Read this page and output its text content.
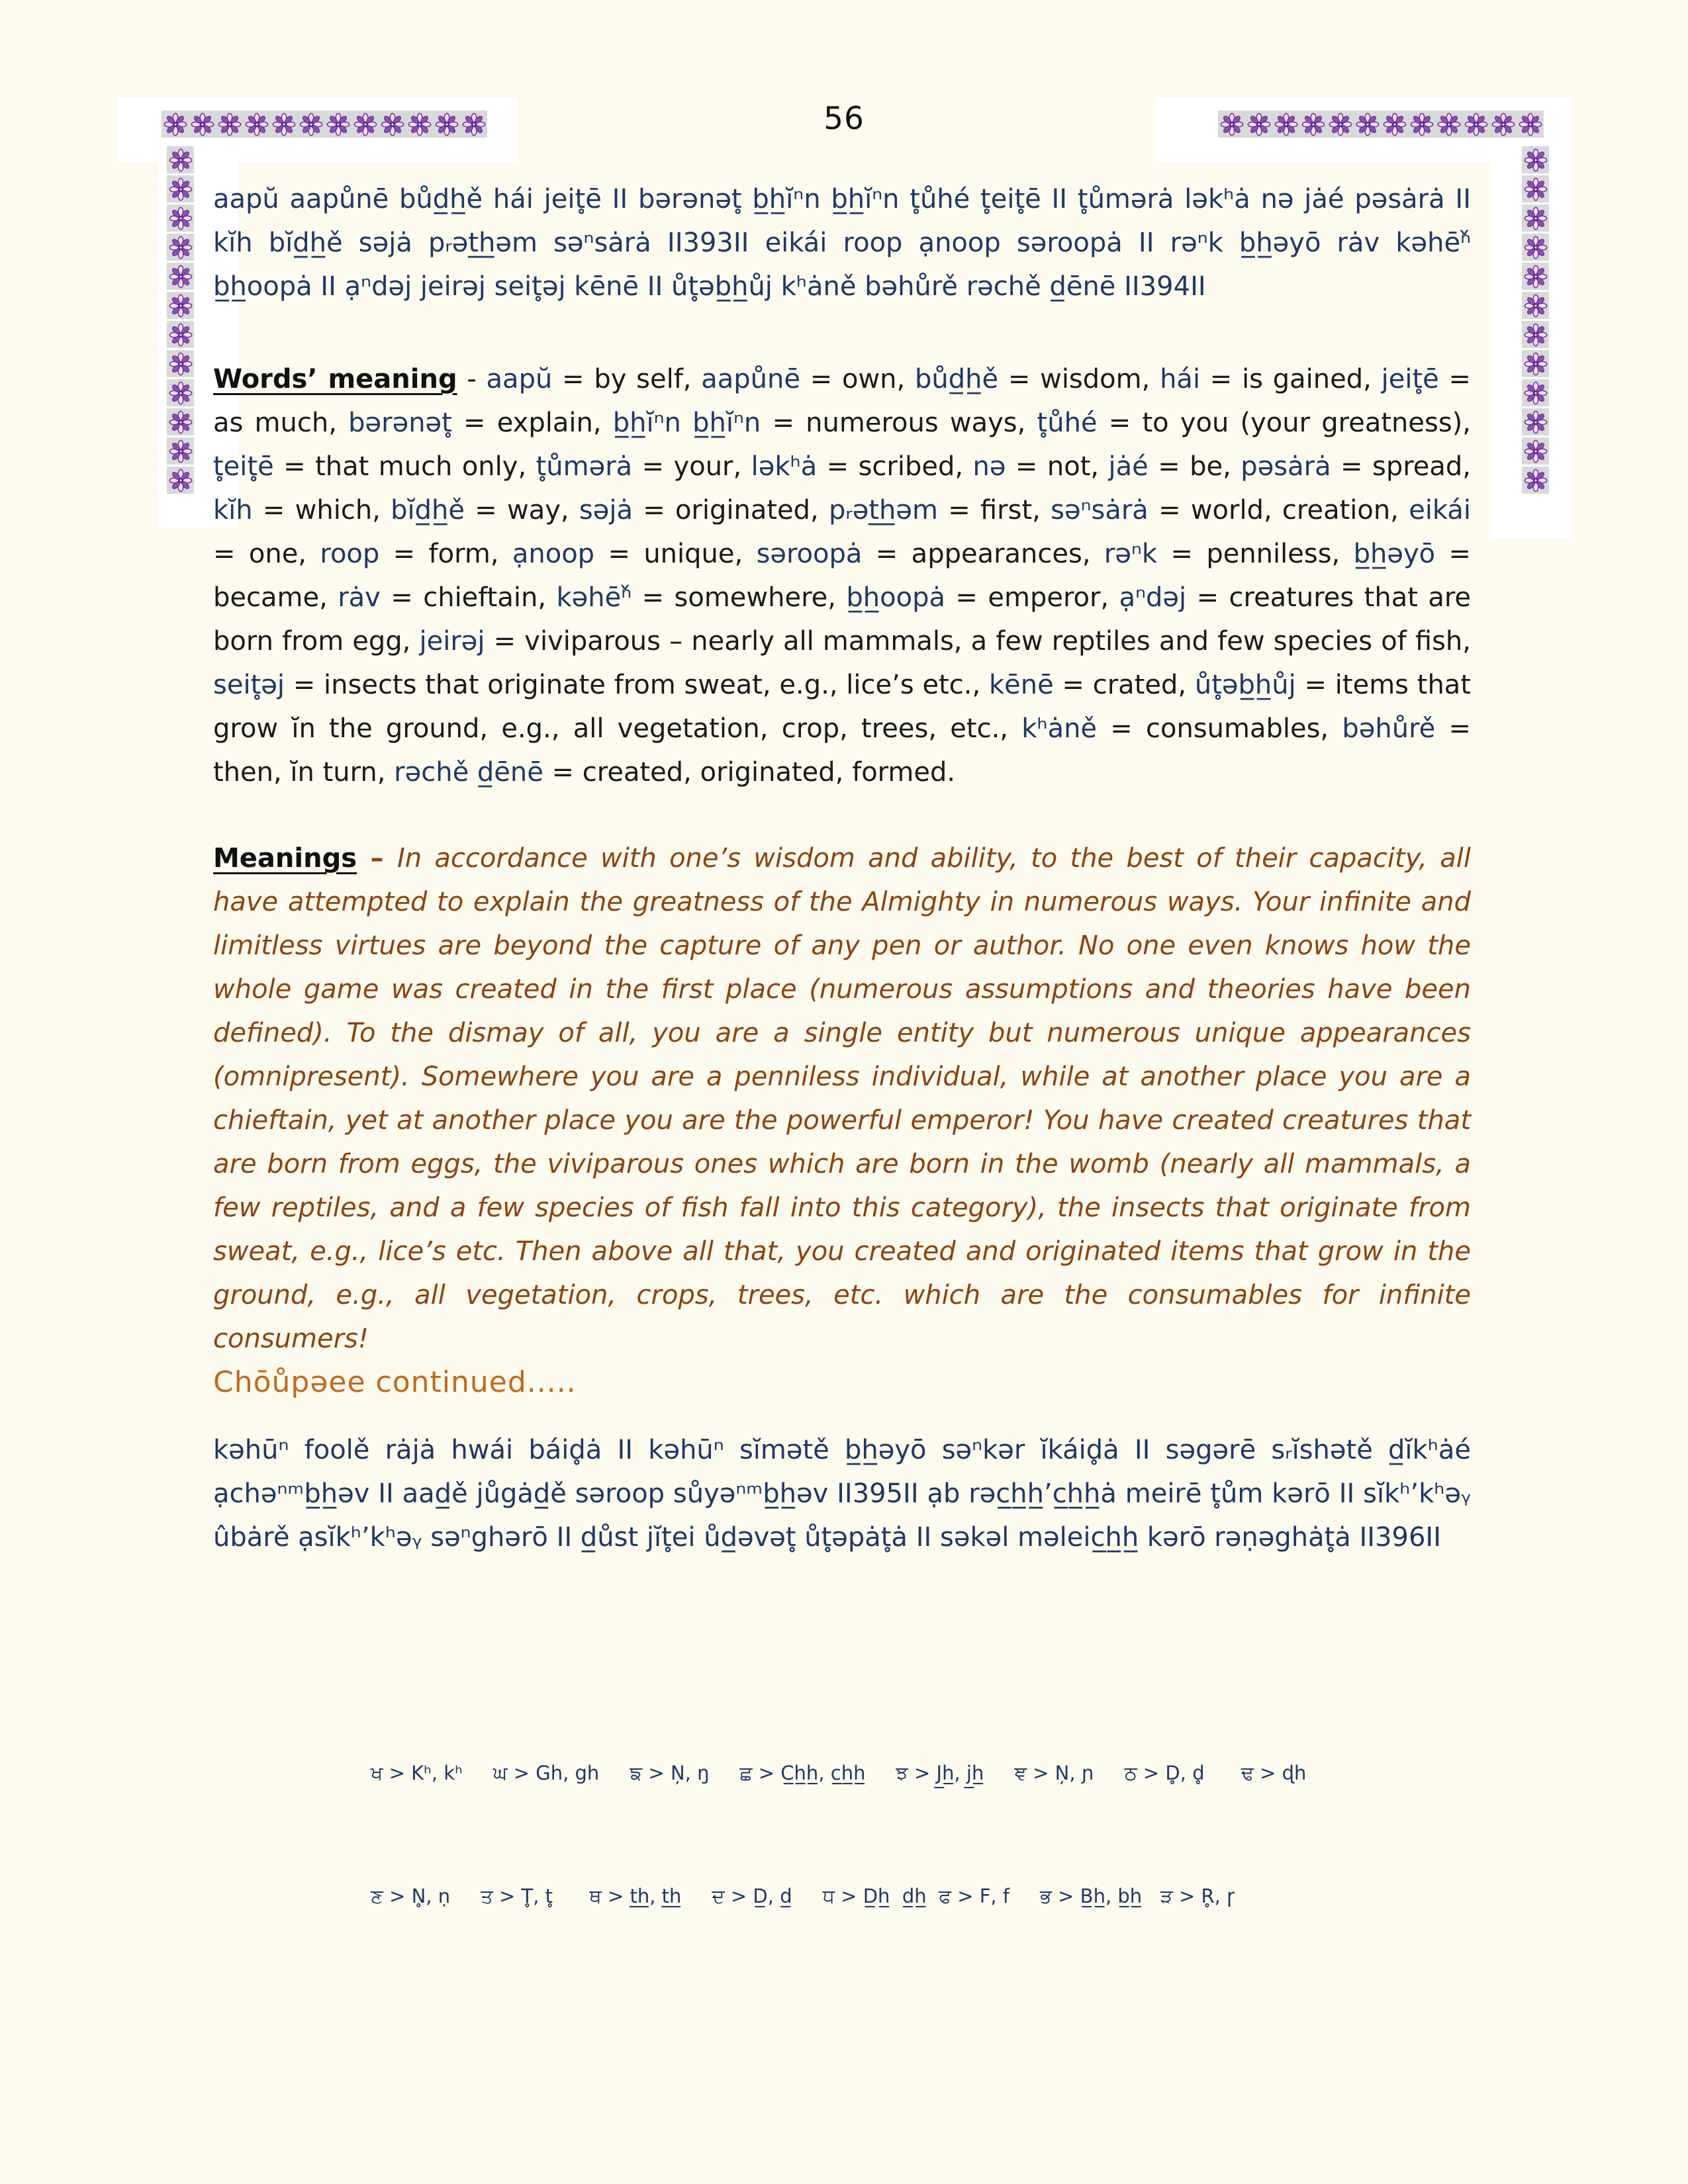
56

aapŭ aapůnē bůd̲h̲ě hái jeit̥ē II bərənət̥ b̲h̲ĭⁿn b̲h̲ĭⁿn t̥ůhé t̥eit̥ē II t̥ůmərȧ ləkʰȧ nə jȧé pəsȧrȧ II kĭh bĭd̲h̲ě səjȧ pᵣət̲h̲əm səⁿsȧrȧ II393II eikái roop ạnoop səroopȧ II rəⁿk b̲h̲əyō rȧv kəhēⁿ̌ b̲h̲oopȧ II ạⁿdəj jeirəj seit̥əj kēnē II ůt̥əb̲h̲ůj kʰȧně bəhůrě rəchě d̲ēnē II394II

Words’ meaning - aapŭ = by self, aapůnē = own, bůd̲h̲ě = wisdom, hái = is gained, jeit̥ē = as much, bərənət̥ = explain, b̲h̲ĭⁿn b̲h̲ĭⁿn = numerous ways, t̥ůhé = to you (your greatness), t̥eit̥ē = that much only, t̥ůmərȧ = your, ləkʰȧ = scribed, nə = not, jȧé = be, pəsȧrȧ = spread, kĭh = which, bĭd̲h̲ě = way, səjȧ = originated, pᵣət̲h̲əm = first, səⁿsȧrȧ = world, creation, eikái = one, roop = form, ạnoop = unique, səroopȧ = appearances, rəⁿk = penniless, b̲h̲əyō = became, rȧv = chieftain, kəhēⁿ̌ = somewhere, b̲h̲oopȧ = emperor, ạⁿdəj = creatures that are born from egg, jeirəj = viviparous – nearly all mammals, a few reptiles and few species of fish, seit̥əj = insects that originate from sweat, e.g., lice’s etc., kēnē = crated, ůt̥əb̲h̲ůj = items that grow ĭn the ground, e.g., all vegetation, crop, trees, etc., kʰȧně = consumables, bəhůrě = then, ĭn turn, rəchě d̲ēnē = created, originated, formed.

Meanings – In accordance with one’s wisdom and ability, to the best of their capacity, all have attempted to explain the greatness of the Almighty in numerous ways. Your infinite and limitless virtues are beyond the capture of any pen or author. No one even knows how the whole game was created in the first place (numerous assumptions and theories have been defined). To the dismay of all, you are a single entity but numerous unique appearances (omnipresent). Somewhere you are a penniless individual, while at another place you are a chieftain, yet at another place you are the powerful emperor! You have created creatures that are born from eggs, the viviparous ones which are born in the womb (nearly all mammals, a few reptiles, and a few species of fish fall into this category), the insects that originate from sweat, e.g., lice’s etc. Then above all that, you created and originated items that grow in the ground, e.g., all vegetation, crops, trees, etc. which are the consumables for infinite consumers!

Chōůpəee continued.....

kəhūⁿ foolě rȧjȧ hwái báid̥ȧ II kəhūⁿ sĭmətě b̲h̲əyō səⁿkər ĭkáid̥ȧ II səgərē sᵣĭshətě d̲ĭkʰȧé ạchəⁿᵐb̲h̲əv II aad̲ě jůgȧd̲ě səroop sůyəⁿᵐb̲h̲əv II395II ạb rəc̲h̲h̲’c̲h̲h̲ȧ meirē t̥ům kərō II sĭkʰ’kʰəᵧ ûbȧrě ạsĭkʰ’kʰəᵧ səⁿghərō II d̲ůst jĭt̥ei ůd̲əvət̥ ůt̥əpȧt̥ȧ II səkəl məleic̲h̲h̲ kərō rəṇəghȧt̥ȧ II396II

ਖ > Kʰ, kʰ     ਘ > Gh, gh     ਙ > N̦, ŋ     ਛ > C̲h̲h̲, c̲h̲h̲     ਝ > J̲h̲, j̲h̲     ਞ > N̦, ɲ     ਠ > D̥, d̥      ਢ > ɖh

ਣ > N̥, ṇ     ਤ > T̥, t̥      ਥ > t̲h̲, t̲h̲     ਦ > D̲, d̲     ਧ > D̲h̲  d̲h̲  ਫ > F, f     ਭ > B̲h̲, b̲h̲   ੜ > R̥, ɼ
